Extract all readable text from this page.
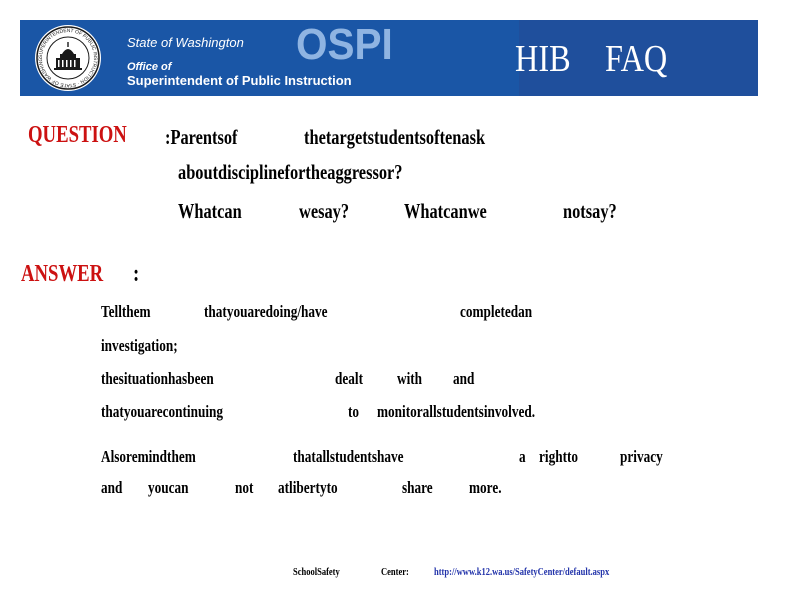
SUPERINTENDENT OF PUBLIC INSTRUCTION · STATE OF WASHING
State of Washington
Office of
Superintendent of Public Instruction
OSPI	HIB FAQ
QUESTION :Parentsof	thetargetstudentsoftenask
aboutdisciplinefortheaggressor?
Whatcan	wesay?	Whatcanwe	notsay?
ANSWER :
Tellthem	thatyouaredoing/have	completedan
investigation;
thesituationhasbeen	dealt with and
thatyouarecontinuing	to monitorallstudentsinvolved.
Alsoremindthem	thatallstudentshave	a rightto privacy
and youcan	not atlibertyto	share more.
SchoolSafety	Center:	http://www.k12.wa.us/SafetyCenter/default.aspx
